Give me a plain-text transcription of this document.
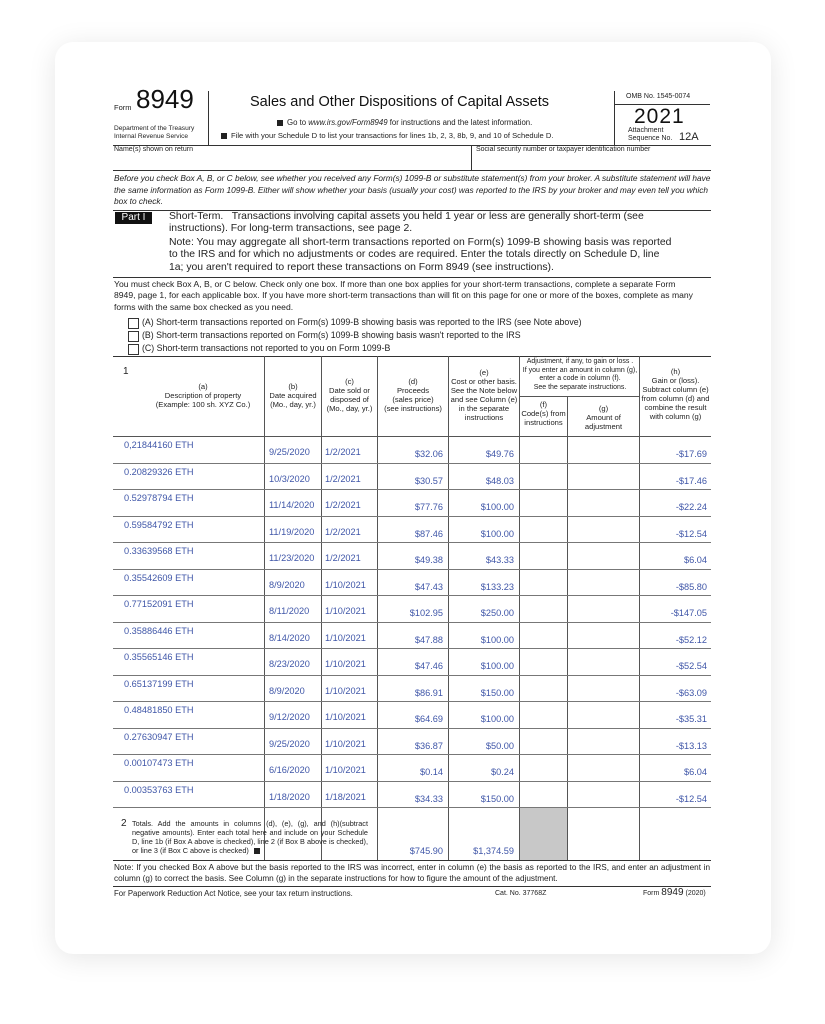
Form 8949
Department of the Treasury
Internal Revenue Service
Sales and Other Dispositions of Capital Assets
Go to www.irs.gov/Form8949 for instructions and the latest information.
File with your Schedule D to list your transactions for lines 1b, 2, 3, 8b, 9, and 10 of Schedule D.
OMB No. 1545-0074
2021
Attachment
Sequence No. 12A
Name(s) shown on return	Social security number or taxpayer identification number
Before you check Box A, B, or C below, see whether you received any Form(s) 1099-B or substitute statement(s) from your broker. A substitute statement will have the same information as Form 1099-B. Either will show whether your basis (usually your cost) was reported to the IRS by your broker and may even tell you which box to check.
Part I	Short-Term. Transactions involving capital assets you held 1 year or less are generally short-term (see instructions). For long-term transactions, see page 2.
Note: You may aggregate all short-term transactions reported on Form(s) 1099-B showing basis was reported to the IRS and for which no adjustments or codes are required. Enter the totals directly on Schedule D, line 1a; you aren't required to report these transactions on Form 8949 (see instructions).
You must check Box A, B, or C below. Check only one box. If more than one box applies for your short-term transactions, complete a separate Form 8949, page 1, for each applicable box. If you have more short-term transactions than will fit on this page for one or more of the boxes, complete as many forms with the same box checked as you need.
(A) Short-term transactions reported on Form(s) 1099-B showing basis was reported to the IRS (see Note above)
(B) Short-term transactions reported on Form(s) 1099-B showing basis wasn't reported to the IRS
(C) Short-term transactions not reported to you on Form 1099-B
1
(a)
Description of property
(Example: 100 sh. XYZ Co.)
(b)
Date acquired
(Mo., day, yr.)
(c)
Date sold or
disposed of
(Mo., day, yr.)
(d)
Proceeds
(sales price)
(see instructions)
(e)
Cost or other basis.
See the Note below
and see Column (e)
in the separate
instructions
Adjustment, if any, to gain or loss .
If you enter an amount in column (g),
enter a code in column (f).
See the separate instructions.
(f)
Code(s) from
instructions
(g)
Amount of
adjustment
(h)
Gain or (loss).
Subtract column (e)
from column (d) and
combine the result
with column (g)
0,21844160 ETH
9/25/2020 1/2/2021	$32.06	$49.76	-$17.69
0.20829326 ETH
10/3/2020 1/2/2021	$30.57	$48.03	-$17.46
0.52978794 ETH
11/14/2020 1/2/2021	$77.76	$100.00	-$22.24
0.59584792 ETH
11/19/2020 1/2/2021	$87.46	$100.00	-$12.54
0.33639568 ETH
11/23/2020 1/2/2021	$49.38	$43.33	$6.04
0.35542609 ETH
8/9/2020 1/10/2021	$47.43	$133.23	-$85.80
0.77152091 ETH
8/11/2020 1/10/2021	$102.95	$250.00	-$147.05
0.35886446 ETH
8/14/2020 1/10/2021	$47.88	$100.00	-$52.12
0.35565146 ETH
8/23/2020 1/10/2021	$47.46	$100.00	-$52.54
0.65137199 ETH
8/9/2020 1/10/2021	$86.91	$150.00	-$63.09
0.48481850 ETH
9/12/2020 1/10/2021	$64.69	$100.00	-$35.31
0.27630947 ETH
9/25/2020 1/10/2021	$36.87	$50.00	-$13.13
0.00107473 ETH
6/16/2020 1/10/2021	$0.14	$0.24	$6.04
0.00353763 ETH
1/18/2020 1/18/2021	$34.33	$150.00	-$12.54
2 Totals. Add the amounts in columns (d), (e), (g), and (h)(subtract negative amounts). Enter each total here and include on your Schedule D, line 1b (if Box A above is checked), line 2 (if Box B above is checked), or line 3 (if Box C above is checked)	$745.90	$1,374.59
Note: If you checked Box A above but the basis reported to the IRS was incorrect, enter in column (e) the basis as reported to the IRS, and enter an adjustment in column (g) to correct the basis. See Column (g) in the separate instructions for how to figure the amount of the adjustment.
For Paperwork Reduction Act Notice, see your tax return instructions.	Cat. No. 37768Z	Form 8949 (2020)
